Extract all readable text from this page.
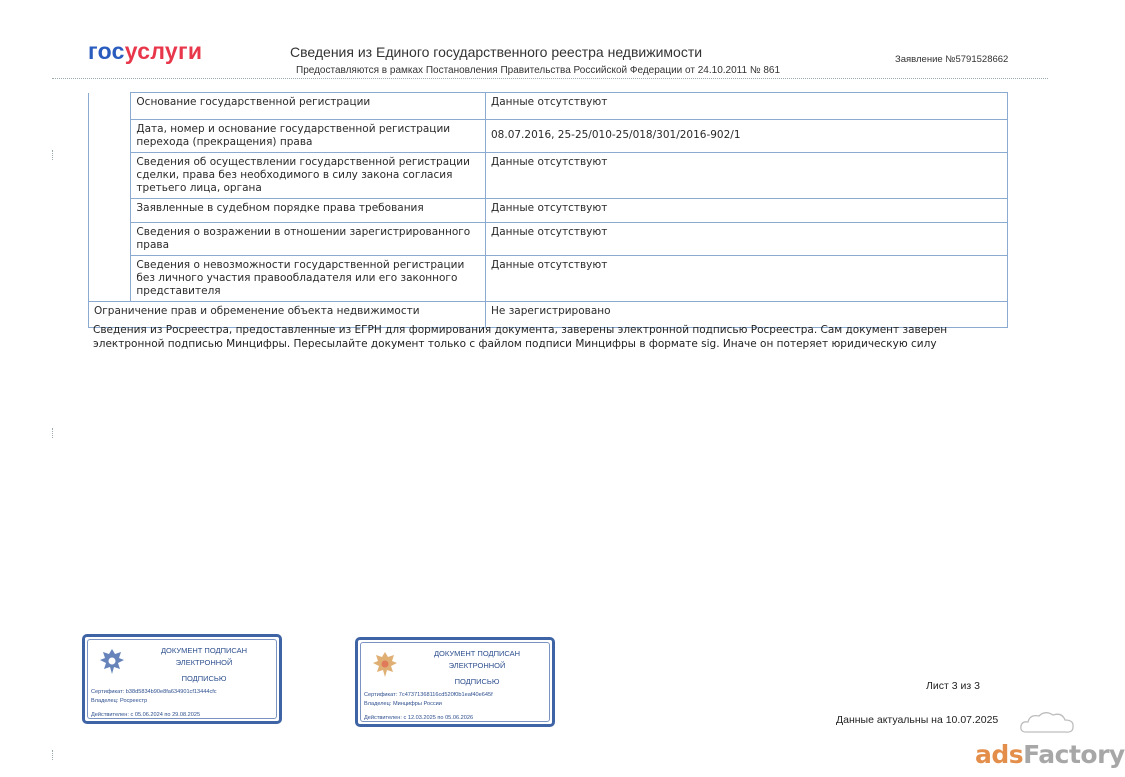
госуслуги	Сведения из Единого государственного реестра недвижимости
Предоставляются в рамках Постановления Правительства Российской Федерации от 24.10.2011 № 861
Заявление №5791528662
	Основание государственной регистрации	Данные отсутствуют
	Дата, номер и основание государственной регистрации перехода (прекращения) права	08.07.2016, 25-25/010-25/018/301/2016-902/1
	Сведения об осуществлении государственной регистрации сделки, права без необходимого в силу закона согласия третьего лица, органа	Данные отсутствуют
	Заявленные в судебном порядке права требования	Данные отсутствуют
	Сведения о возражении в отношении зарегистрированного права	Данные отсутствуют
	Сведения о невозможности государственной регистрации без личного участия правообладателя или его законного представителя	Данные отсутствуют
Ограничение прав и обременение объекта недвижимости		Не зарегистрировано
Сведения из Росреестра, предоставленные из ЕГРН для формирования документа, заверены электронной подписью Росреестра. Сам документ заверен электронной подписью Минцифры. Пересылайте документ только с файлом подписи Минцифры в формате sig. Иначе он потеряет юридическую силу
ДОКУМЕНТ ПОДПИСАН
ЭЛЕКТРОННОЙ
ПОДПИСЬЮ
Сертификат: b38d5834b90e8fa634901cf13444cfc
Владелец: Росреестр
Действителен: с 05.06.2024 по 29.08.2025
ДОКУМЕНТ ПОДПИСАН
ЭЛЕКТРОННОЙ
ПОДПИСЬЮ
Сертификат: 7c47371368116cd520f0b1eaf40e645f
Владелец: Минцифры России
Действителен: с 12.03.2025 по 05.06.2026
Лист 3 из 3
Данные актуальны на 10.07.2025
adsFactory
